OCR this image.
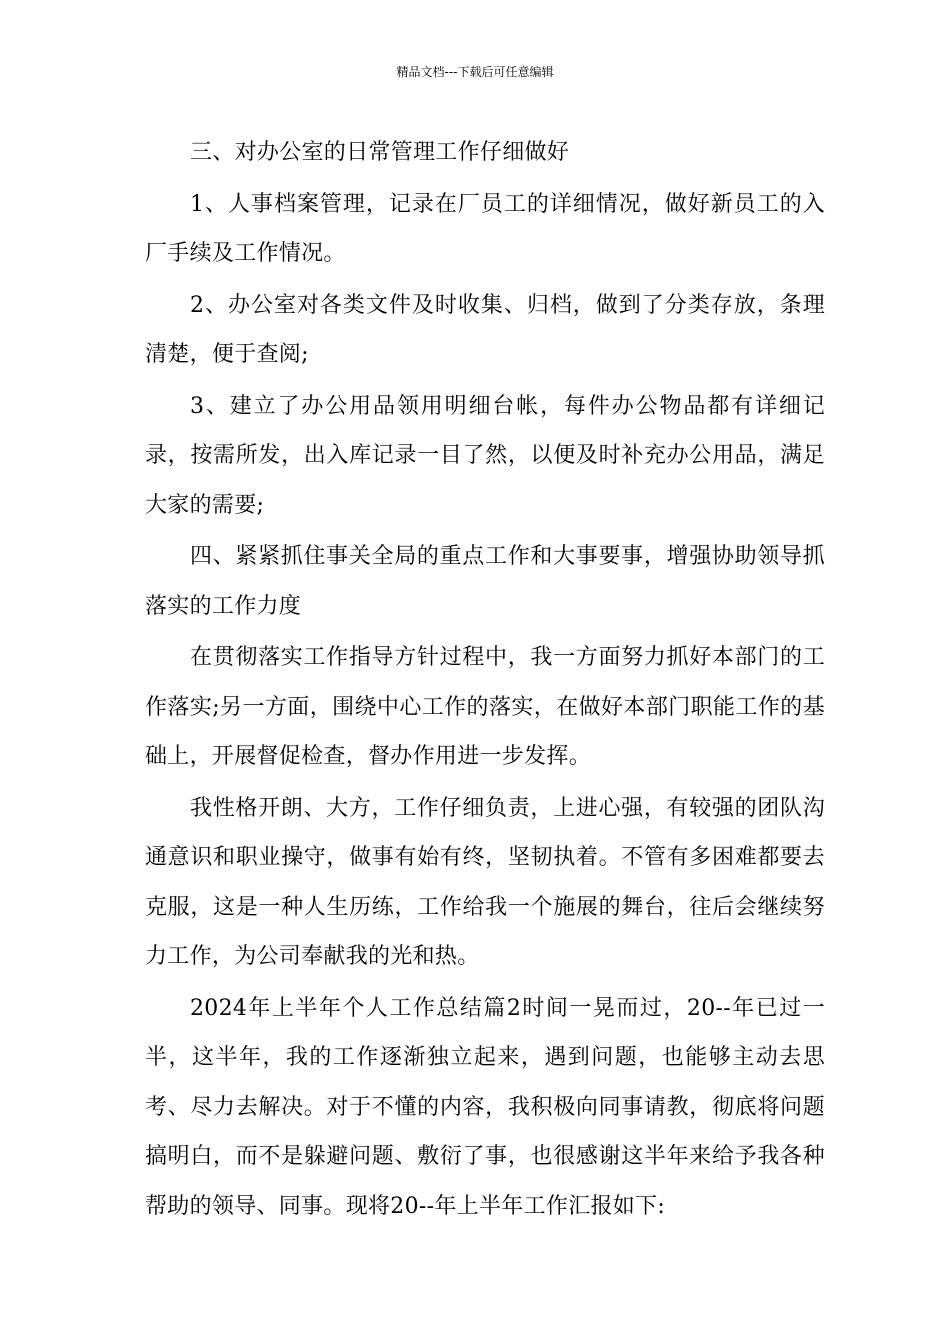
精品文档---下载后可任意编辑

三、对办公室的日常管理工作仔细做好

1、人事档案管理，记录在厂员工的详细情况，做好新员工的入厂手续及工作情况。

2、办公室对各类文件及时收集、归档，做到了分类存放，条理清楚，便于查阅;

3、建立了办公用品领用明细台帐，每件办公物品都有详细记录，按需所发，出入库记录一目了然，以便及时补充办公用品，满足大家的需要;

四、紧紧抓住事关全局的重点工作和大事要事，增强协助领导抓落实的工作力度

在贯彻落实工作指导方针过程中，我一方面努力抓好本部门的工作落实;另一方面，围绕中心工作的落实，在做好本部门职能工作的基础上，开展督促检查，督办作用进一步发挥。

我性格开朗、大方，工作仔细负责，上进心强，有较强的团队沟通意识和职业操守，做事有始有终，坚韧执着。不管有多困难都要去克服，这是一种人生历练，工作给我一个施展的舞台，往后会继续努力工作，为公司奉献我的光和热。

2024年上半年个人工作总结篇2时间一晃而过，20--年已过一半，这半年，我的工作逐渐独立起来，遇到问题，也能够主动去思考、尽力去解决。对于不懂的内容，我积极向同事请教，彻底将问题搞明白，而不是躲避问题、敷衍了事，也很感谢这半年来给予我各种帮助的领导、同事。现将20--年上半年工作汇报如下:
